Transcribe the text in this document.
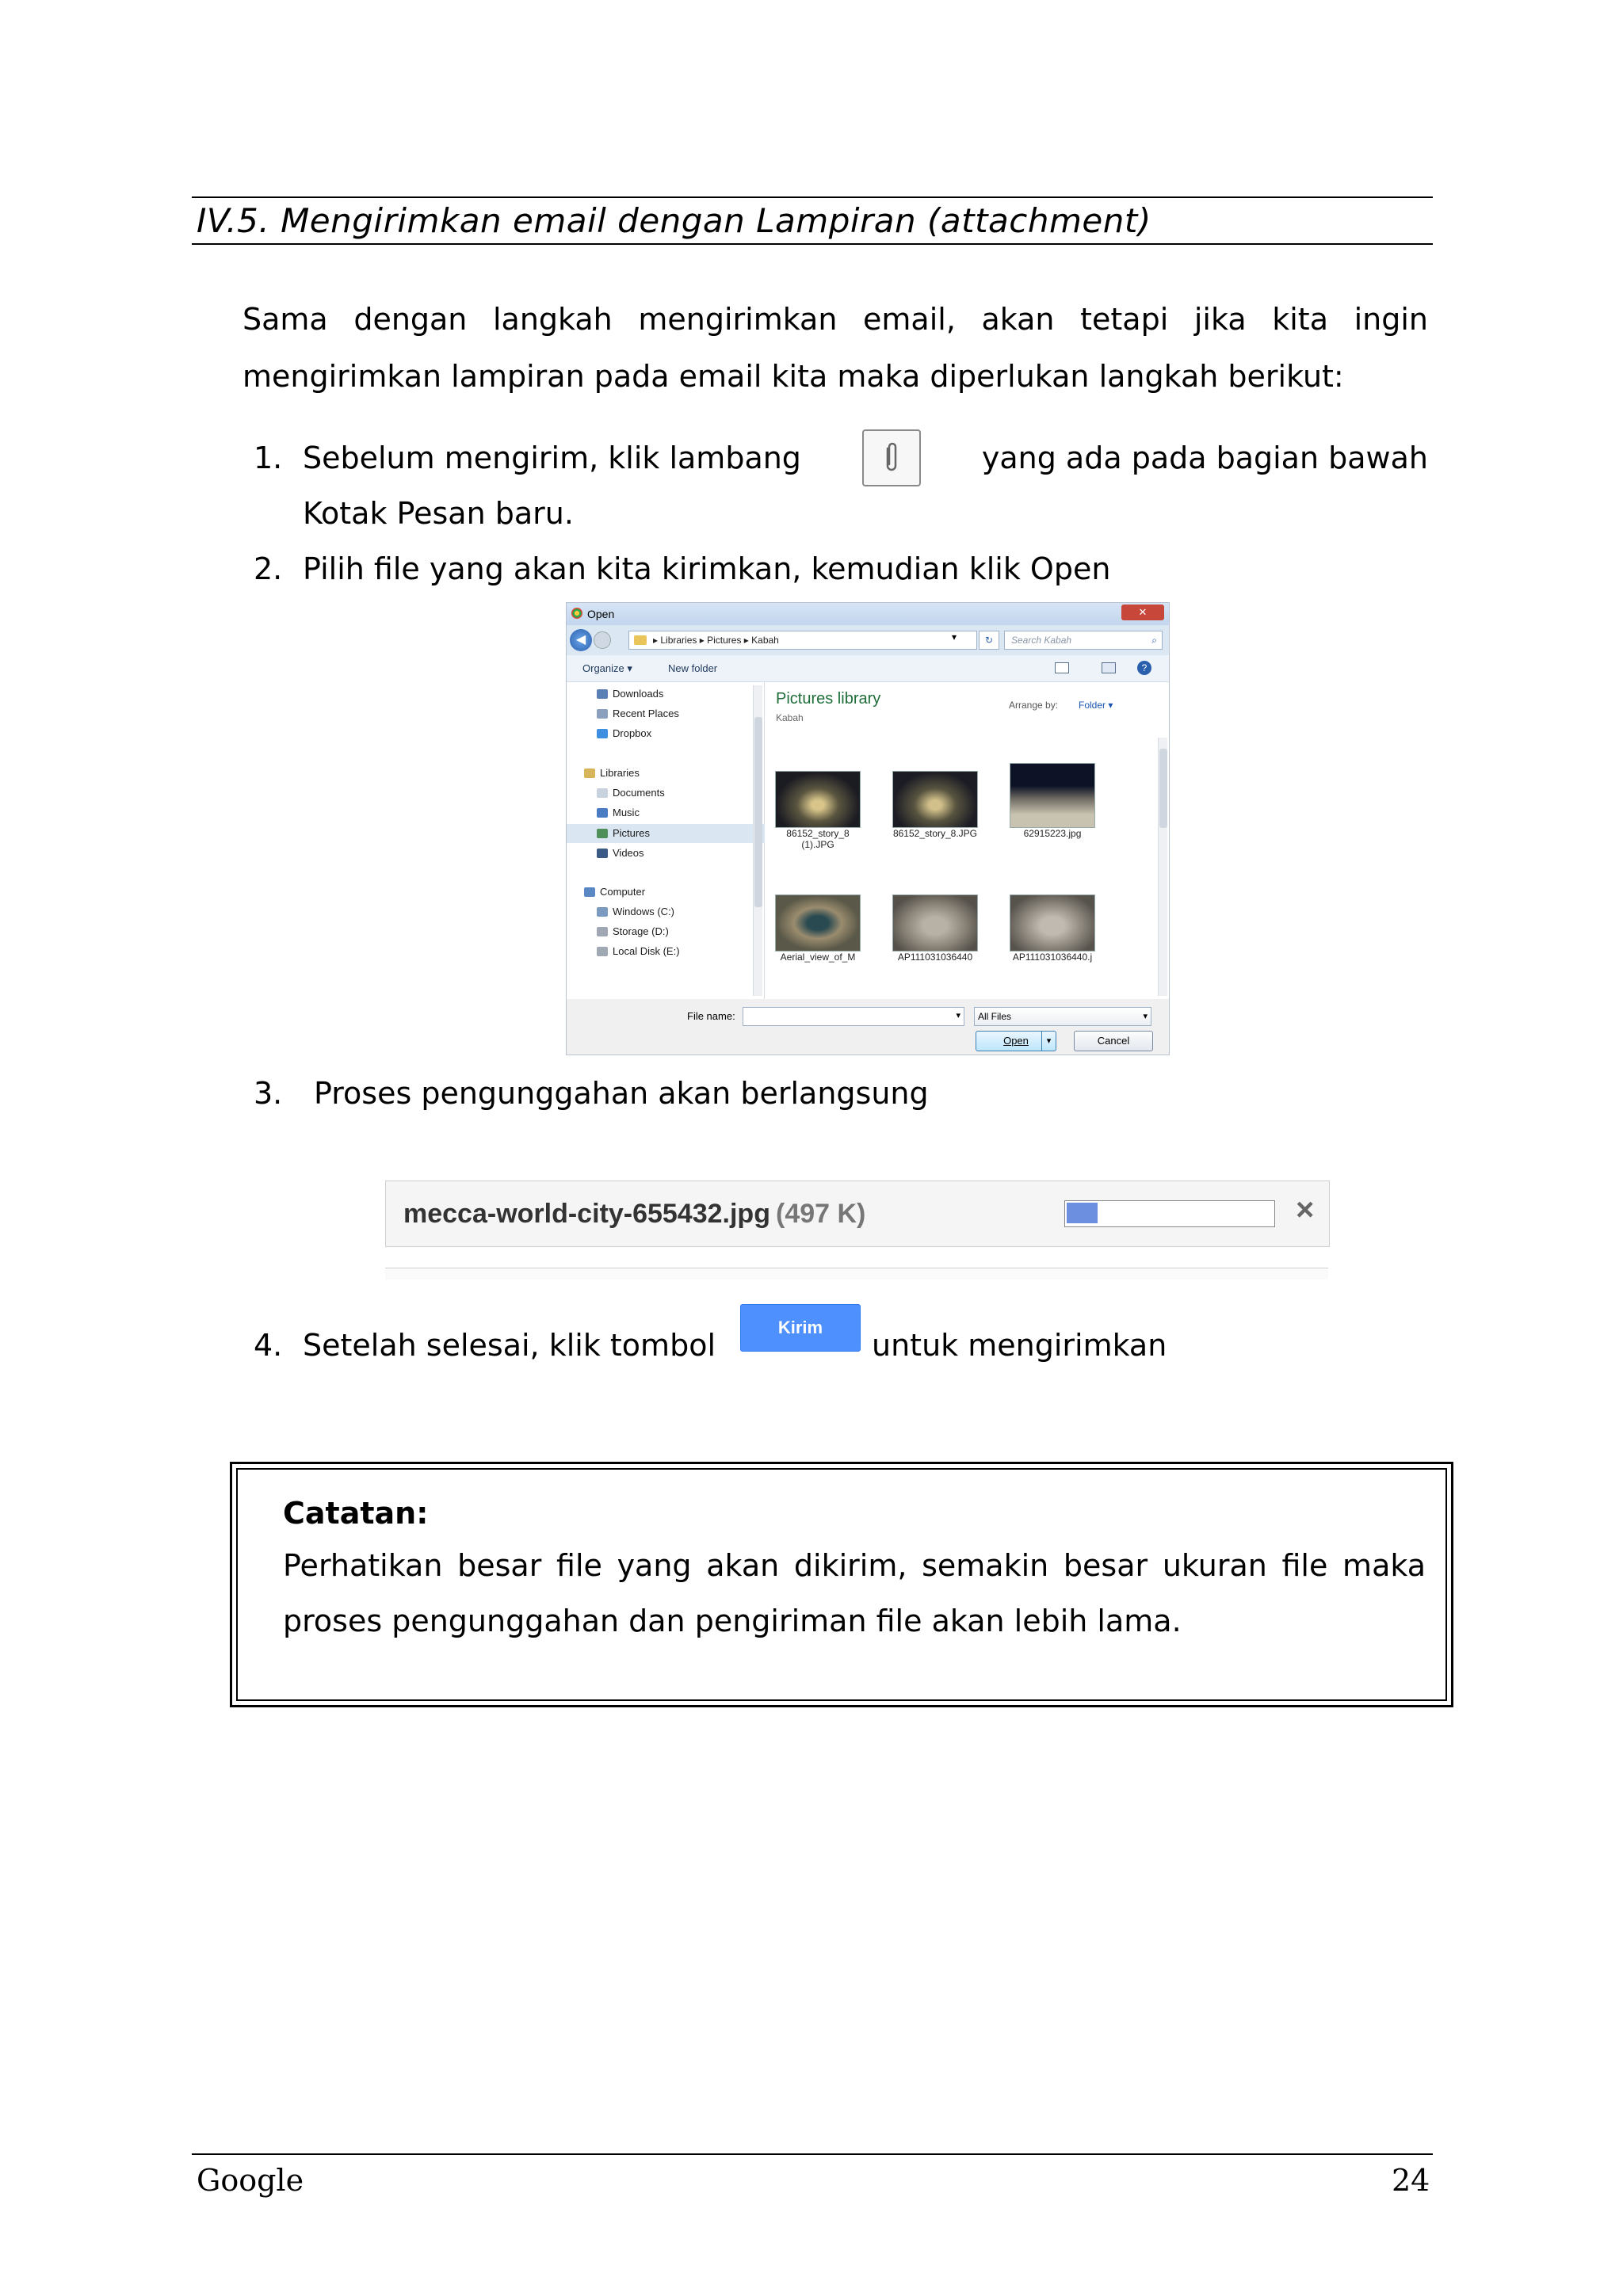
IV.5. Mengirimkan email dengan Lampiran (attachment)
Sama dengan langkah mengirimkan email, akan tetapi jika kita ingin
mengirimkan lampiran pada email kita maka diperlukan langkah berikut:
1. Sebelum mengirim, klik lambang	yang ada pada bagian bawah
Kotak Pesan baru.
2. Pilih file yang akan kita kirimkan, kemudian klik Open
Open	✕
◀	▸ Libraries ▸ Pictures ▸ Kabah	▾	↻	Search Kabah	⌕
Organize ▾	New folder	?
Downloads
Recent Places
Dropbox
Libraries
Documents
Music
Pictures
Videos
Computer
Windows (C:)
Storage (D:)
Local Disk (E:)
Pictures library
Kabah
Arrange by: Folder ▾
86152_story_8 (1).JPG
86152_story_8.JPG	62915223.jpg
Aerial_view_of_M	AP111031036440	AP111031036440.j
File name:	▾	All Files	▾
Open	▾	Cancel
3. Proses pengunggahan akan berlangsung
mecca-world-city-655432.jpg (497 K)	×
4. Setelah selesai, klik tombol
Kirim
untuk mengirimkan
Catatan:
Perhatikan besar file yang akan dikirim, semakin besar ukuran file maka
proses pengunggahan dan pengiriman file akan lebih lama.
Google	24
